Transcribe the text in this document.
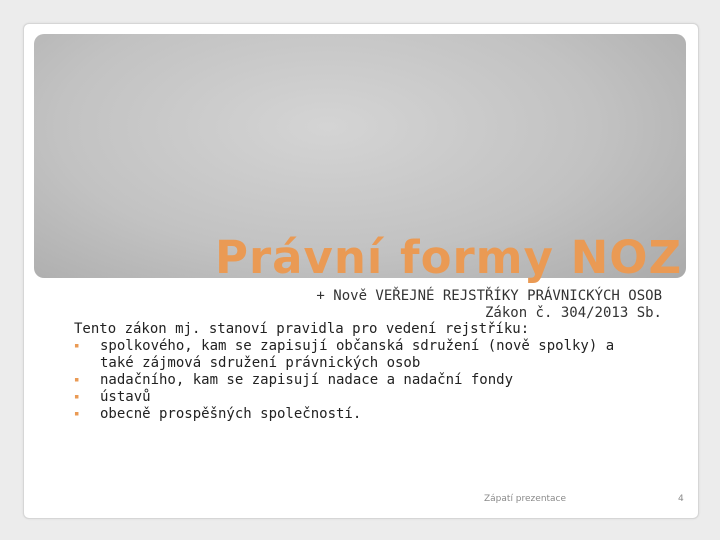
Právní formy NOZ
+ Nově VEŘEJNÉ REJSTŘÍKY PRÁVNICKÝCH OSOB
Zákon č. 304/2013 Sb.
Tento zákon mj. stanoví pravidla pro vedení rejstříku:
▪ spolkového, kam se zapisují občanská sdružení (nově spolky) a
také zájmová sdružení právnických osob
▪ nadačního, kam se zapisují nadace a nadační fondy
▪ ústavů
▪ obecně prospěšných společností.
Zápatí prezentace	4
